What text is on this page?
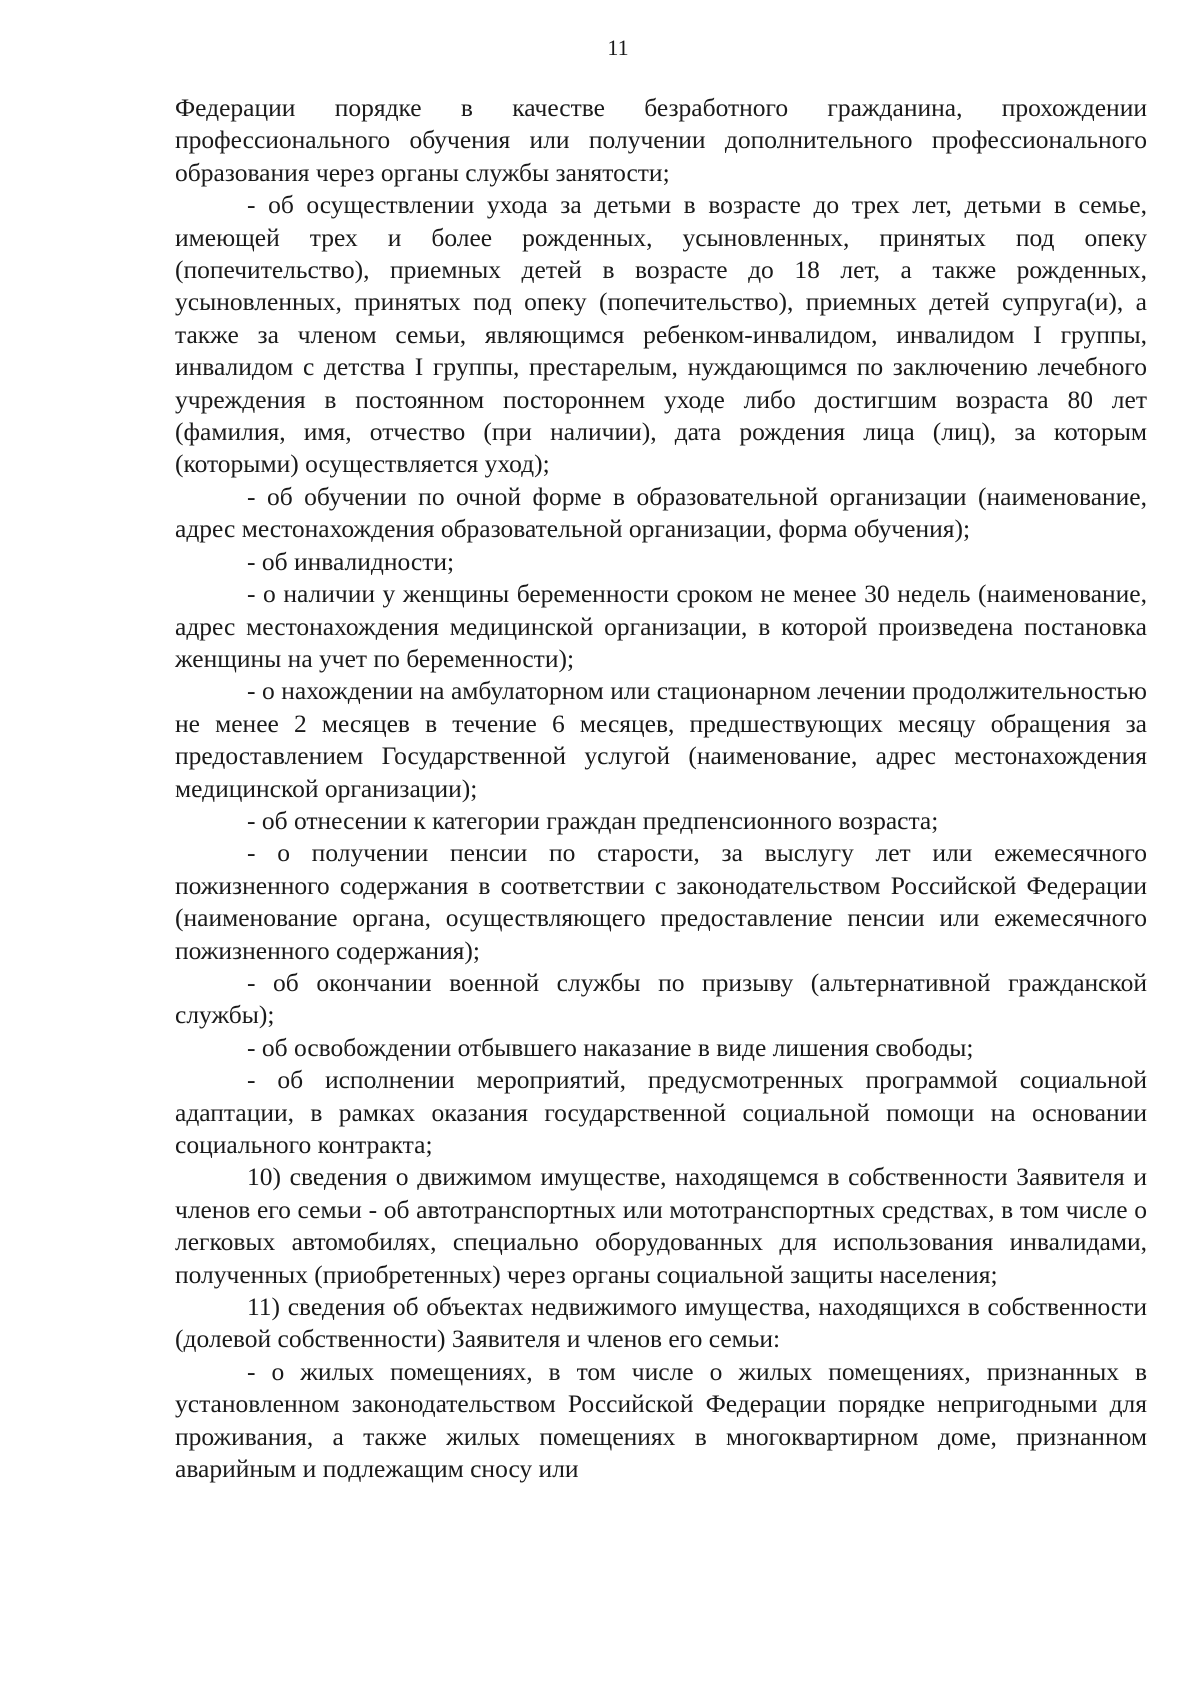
11

Федерации порядке в качестве безработного гражданина, прохождении профессионального обучения или получении дополнительного профессионального образования через органы службы занятости;

- об осуществлении ухода за детьми в возрасте до трех лет, детьми в семье, имеющей трех и более рожденных, усыновленных, принятых под опеку (попечительство), приемных детей в возрасте до 18 лет, а также рожденных, усыновленных, принятых под опеку (попечительство), приемных детей супруга(и), а также за членом семьи, являющимся ребенком-инвалидом, инвалидом I группы, инвалидом с детства I группы, престарелым, нуждающимся по заключению лечебного учреждения в постоянном постороннем уходе либо достигшим возраста 80 лет (фамилия, имя, отчество (при наличии), дата рождения лица (лиц), за которым (которыми) осуществляется уход);

- об обучении по очной форме в образовательной организации (наименование, адрес местонахождения образовательной организации, форма обучения);

- об инвалидности;

- о наличии у женщины беременности сроком не менее 30 недель (наименование, адрес местонахождения медицинской организации, в которой произведена постановка женщины на учет по беременности);

- о нахождении на амбулаторном или стационарном лечении продолжительностью не менее 2 месяцев в течение 6 месяцев, предшествующих месяцу обращения за предоставлением Государственной услугой (наименование, адрес местонахождения медицинской организации);

- об отнесении к категории граждан предпенсионного возраста;

- о получении пенсии по старости, за выслугу лет или ежемесячного пожизненного содержания в соответствии с законодательством Российской Федерации (наименование органа, осуществляющего предоставление пенсии или ежемесячного пожизненного содержания);

- об окончании военной службы по призыву (альтернативной гражданской службы);

- об освобождении отбывшего наказание в виде лишения свободы;

- об исполнении мероприятий, предусмотренных программой социальной адаптации, в рамках оказания государственной социальной помощи на основании социального контракта;

10) сведения о движимом имуществе, находящемся в собственности Заявителя и членов его семьи - об автотранспортных или мототранспортных средствах, в том числе о легковых автомобилях, специально оборудованных для использования инвалидами, полученных (приобретенных) через органы социальной защиты населения;

11) сведения об объектах недвижимого имущества, находящихся в собственности (долевой собственности) Заявителя и членов его семьи:

- о жилых помещениях, в том числе о жилых помещениях, признанных в установленном законодательством Российской Федерации порядке непригодными для проживания, а также жилых помещениях в многоквартирном доме, признанном аварийным и подлежащим сносу или
